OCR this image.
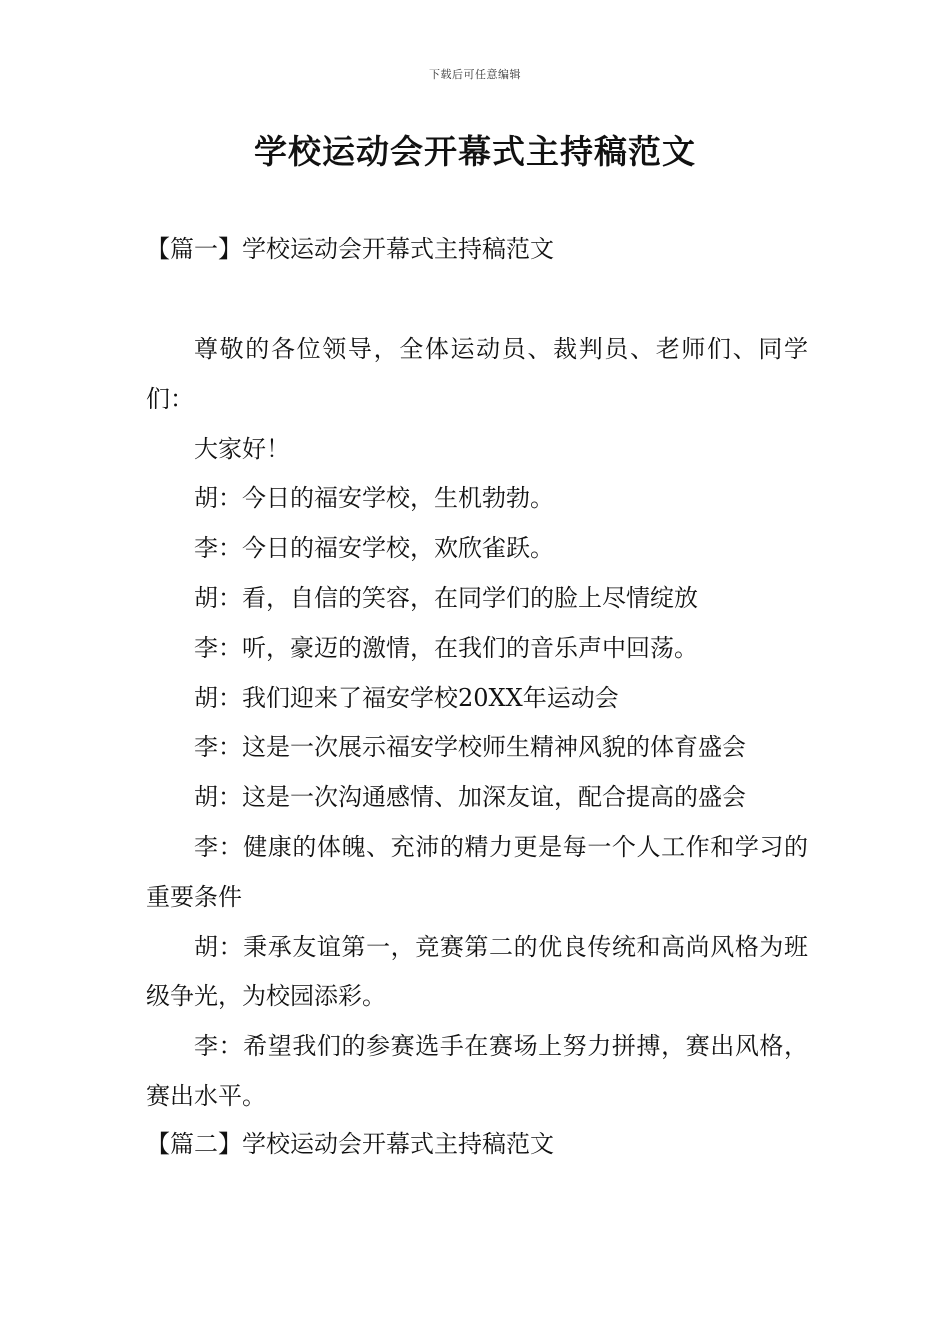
下载后可任意编辑
学校运动会开幕式主持稿范文
【篇一】学校运动会开幕式主持稿范文

尊敬的各位领导，全体运动员、裁判员、老师们、同学们：

大家好！

胡：今日的福安学校，生机勃勃。

李：今日的福安学校，欢欣雀跃。

胡：看，自信的笑容，在同学们的脸上尽情绽放

李：听，豪迈的激情，在我们的音乐声中回荡。

胡：我们迎来了福安学校20XX年运动会

李：这是一次展示福安学校师生精神风貌的体育盛会

胡：这是一次沟通感情、加深友谊，配合提高的盛会

李：健康的体魄、充沛的精力更是每一个人工作和学习的重要条件

胡：秉承友谊第一，竞赛第二的优良传统和高尚风格为班级争光，为校园添彩。

李：希望我们的参赛选手在赛场上努力拼搏，赛出风格，赛出水平。

【篇二】学校运动会开幕式主持稿范文
